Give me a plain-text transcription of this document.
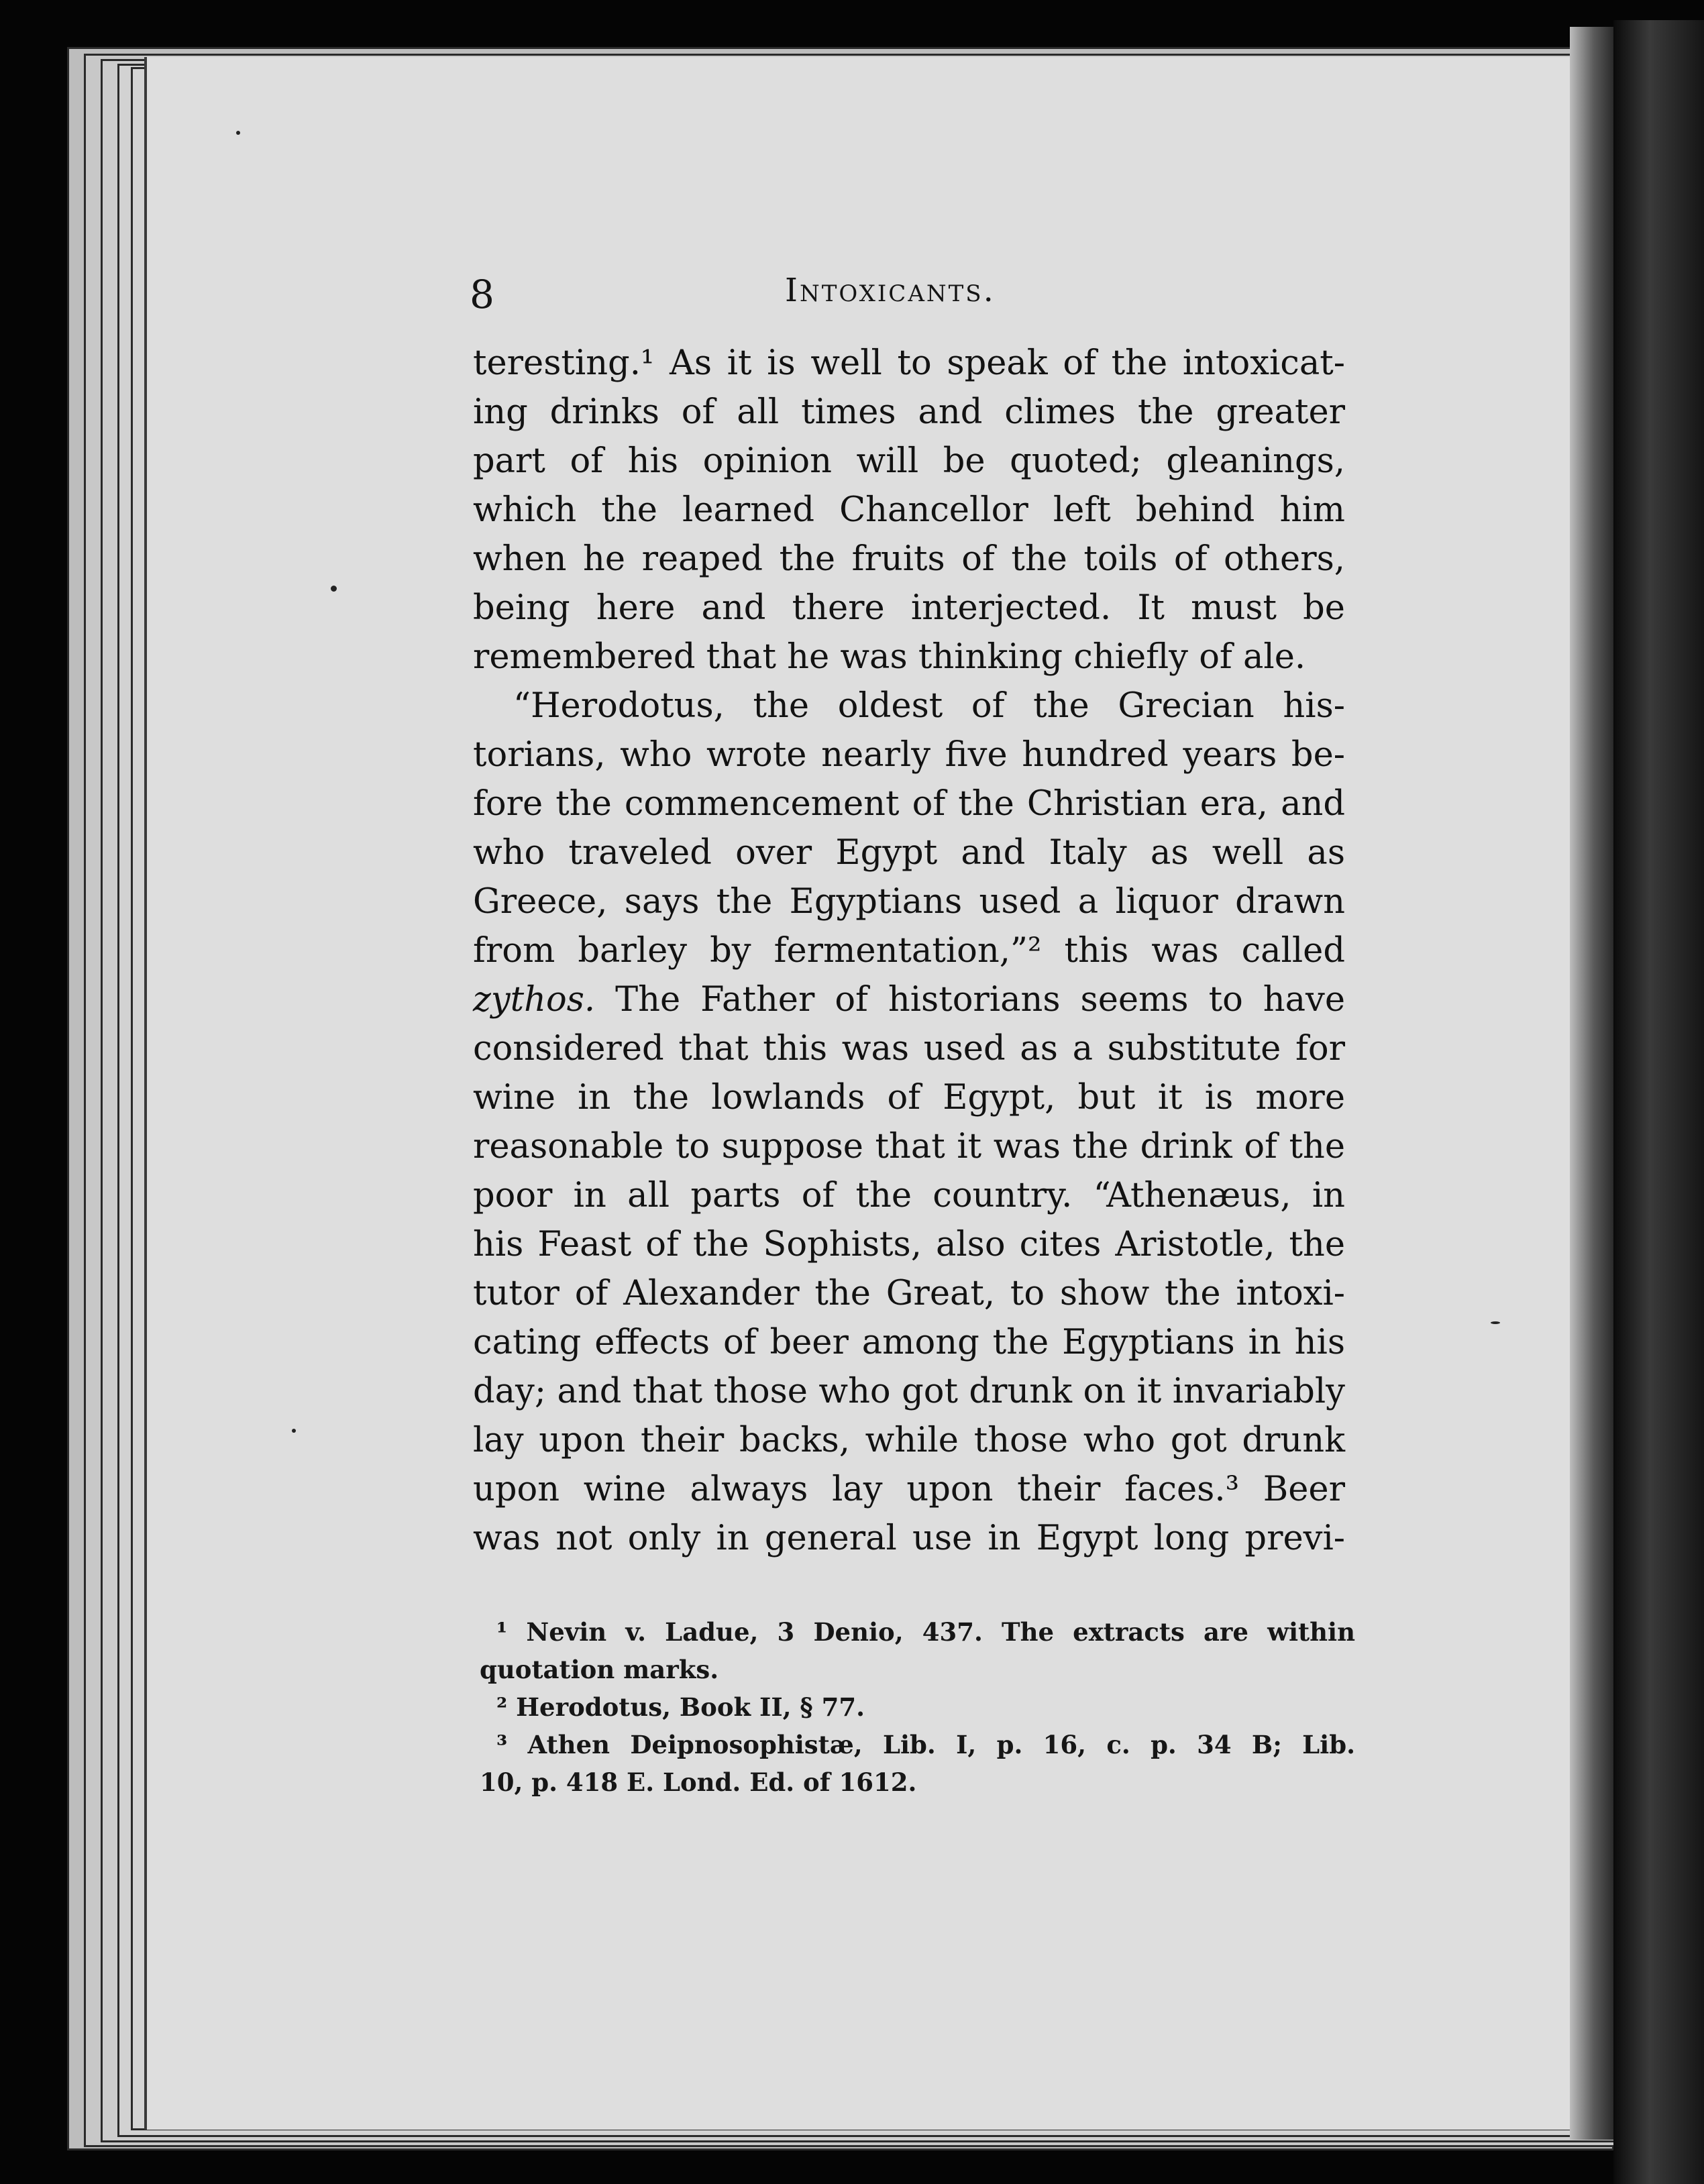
8	Intoxicants.
teresting.¹ As it is well to speak of the intoxicat-
ing drinks of all times and climes the greater
part of his opinion will be quoted; gleanings,
which the learned Chancellor left behind him
when he reaped the fruits of the toils of others,
being here and there interjected. It must be
remembered that he was thinking chiefly of ale.
“Herodotus, the oldest of the Grecian his-
torians, who wrote nearly five hundred years be-
fore the commencement of the Christian era, and
who traveled over Egypt and Italy as well as
Greece, says the Egyptians used a liquor drawn
from barley by fermentation,”² this was called
zythos. The Father of historians seems to have
considered that this was used as a substitute for
wine in the lowlands of Egypt, but it is more
reasonable to suppose that it was the drink of the
poor in all parts of the country. “Athenæus, in
his Feast of the Sophists, also cites Aristotle, the
tutor of Alexander the Great, to show the intoxi-
cating effects of beer among the Egyptians in his
day; and that those who got drunk on it invariably
lay upon their backs, while those who got drunk
upon wine always lay upon their faces.³ Beer
was not only in general use in Egypt long previ-
¹ Nevin v. Ladue, 3 Denio, 437. The extracts are within
quotation marks.
² Herodotus, Book II, § 77.
³ Athen Deipnosophistæ, Lib. I, p. 16, c. p. 34 B; Lib.
10, p. 418 E. Lond. Ed. of 1612.
